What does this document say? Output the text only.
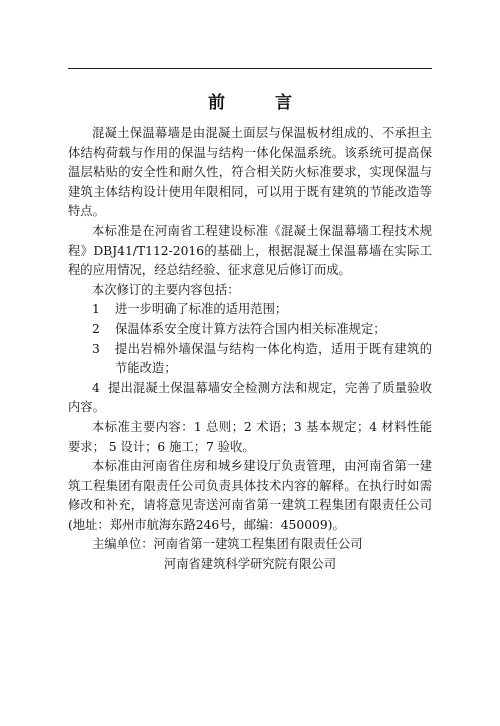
前 言

混凝土保温幕墙是由混凝土面层与保温板材组成的、不承担主体结构荷载与作用的保温与结构一体化保温系统。该系统可提高保温层粘贴的安全性和耐久性，符合相关防火标准要求，实现保温与建筑主体结构设计使用年限相同，可以用于既有建筑的节能改造等特点。

本标准是在河南省工程建设标准《混凝土保温幕墙工程技术规程》DBJ41/T112-2016的基础上，根据混凝土保温幕墙在实际工程的应用情况，经总结经验、征求意见后修订而成。

本次修订的主要内容包括：

1	进一步明确了标准的适用范围；
2	保温体系安全度计算方法符合国内相关标准规定；
3	提出岩棉外墙保温与结构一体化构造，适用于既有建筑的节能改造；

4 提出混凝土保温幕墙安全检测方法和规定，完善了质量验收内容。

本标准主要内容：1 总则；2 术语；3 基本规定；4 材料性能要求； 5 设计；6 施工；7 验收。

本标准由河南省住房和城乡建设厅负责管理，由河南省第一建筑工程集团有限责任公司负责具体技术内容的解释。在执行时如需修改和补充，请将意见寄送河南省第一建筑工程集团有限责任公司(地址：郑州市航海东路246号，邮编：450009)。

主编单位：河南省第一建筑工程集团有限责任公司

河南省建筑科学研究院有限公司
